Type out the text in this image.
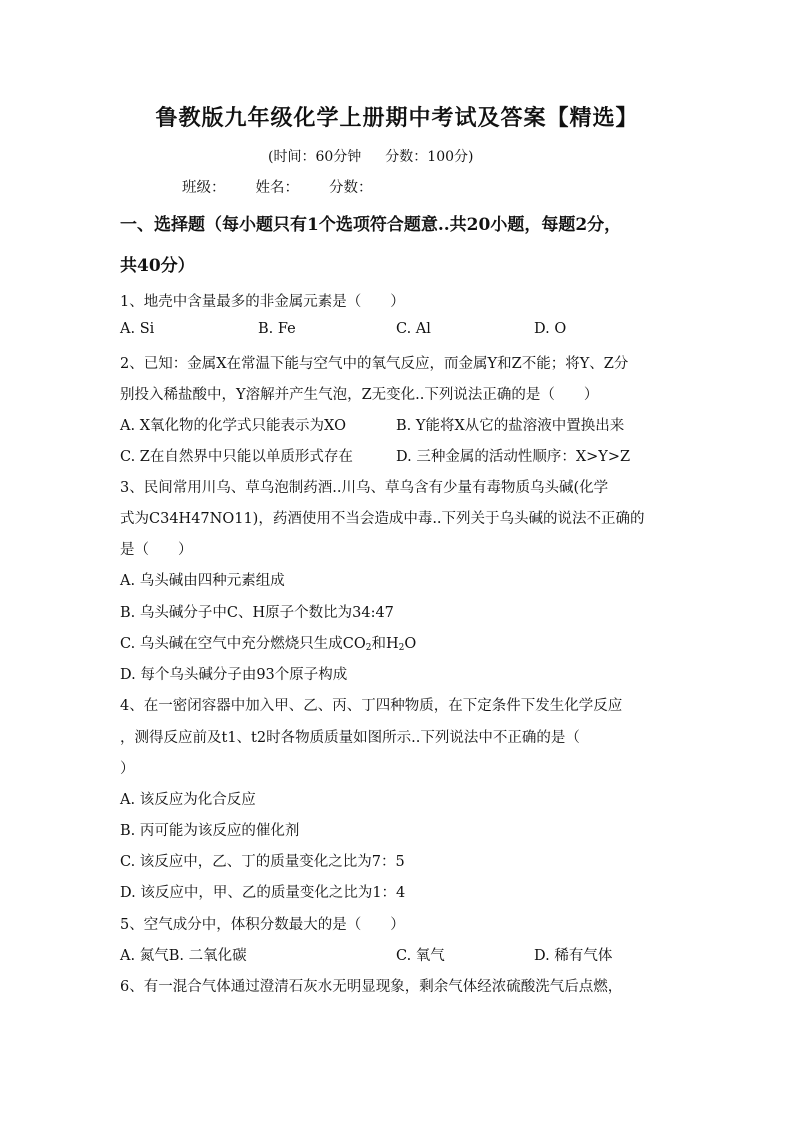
鲁教版九年级化学上册期中考试及答案【精选】
(时间：60分钟 分数：100分)
班级： 姓名： 分数：
一、选择题（每小题只有1个选项符合题意..共20小题，每题2分，
共40分）
1、地壳中含量最多的非金属元素是（　　）
A. Si	B. Fe	C. Al	D. O
2、已知：金属X在常温下能与空气中的氧气反应，而金属Y和Z不能；将Y、Z分
别投入稀盐酸中，Y溶解并产生气泡，Z无变化..下列说法正确的是（　　）
A. X氧化物的化学式只能表示为XO	B. Y能将X从它的盐溶液中置换出来
C. Z在自然界中只能以单质形式存在	D. 三种金属的活动性顺序：X>Y>Z
3、民间常用川乌、草乌泡制药酒..川乌、草乌含有少量有毒物质乌头碱(化学
式为C34H47NO11)，药酒使用不当会造成中毒..下列关于乌头碱的说法不正确的
是（　　）
A. 乌头碱由四种元素组成
B. 乌头碱分子中C、H原子个数比为34:47
C. 乌头碱在空气中充分燃烧只生成$CO_2$和$H_2O$
D. 每个乌头碱分子由93个原子构成
4、在一密闭容器中加入甲、乙、丙、丁四种物质，在下定条件下发生化学反应
，测得反应前及t1、t2时各物质质量如图所示..下列说法中不正确的是（
）
A. 该反应为化合反应
B. 丙可能为该反应的催化剂
C. 该反应中，乙、丁的质量变化之比为7：5
D. 该反应中，甲、乙的质量变化之比为1：4
5、空气成分中，体积分数最大的是（　　）
A. 氮气B. 二氧化碳	C. 氧气	D. 稀有气体
6、有一混合气体通过澄清石灰水无明显现象，剩余气体经浓硫酸洗气后点燃，
